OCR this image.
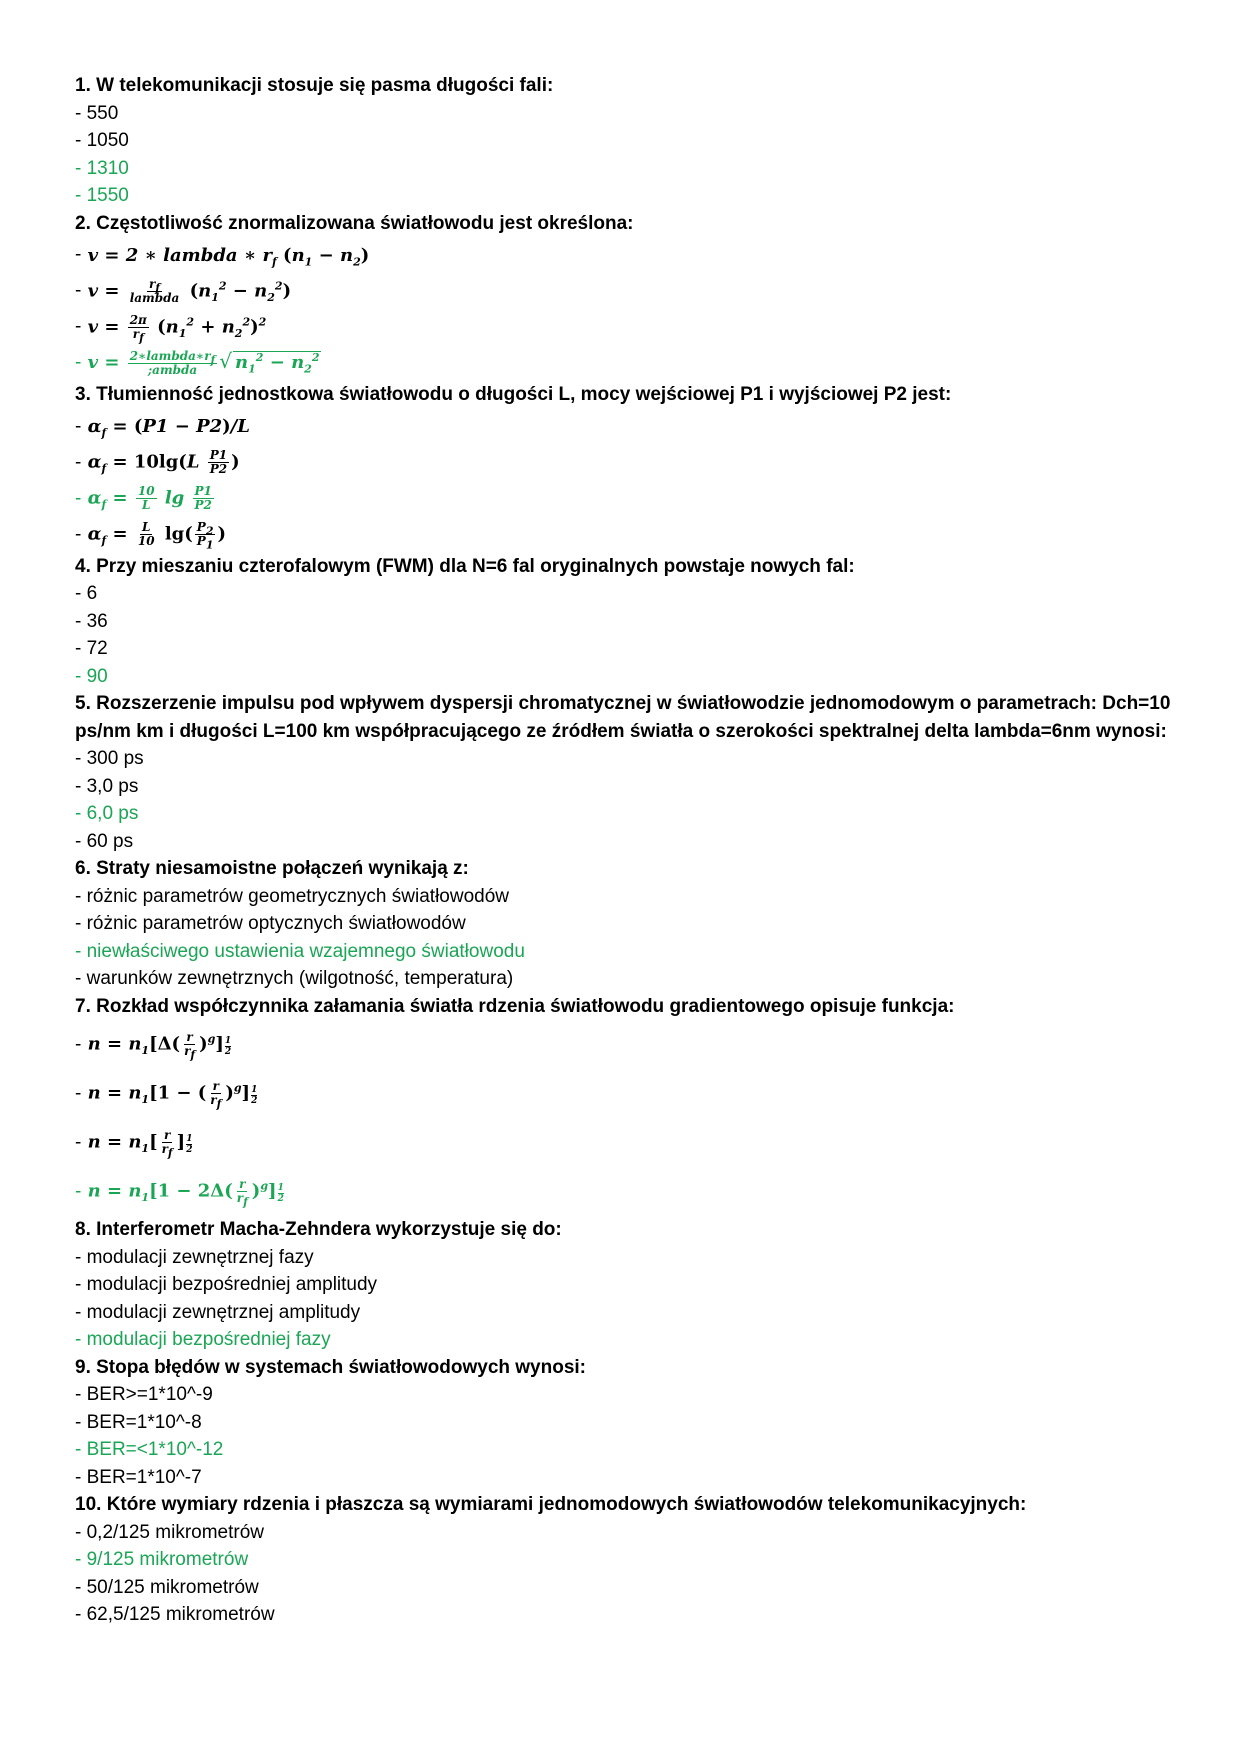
1. W telekomunikacji stosuje się pasma długości fali:

- 550

- 1050

- 1310

- 1550

2. Częstotliwość znormalizowana światłowodu jest określona:

- v = 2 ∗ lambda ∗ $r_f$ $(n_1 - n_2)$
- $v = \frac{r_f}{\text{lambda}} (n_1^2 - n_2^2)$
- $v = \frac{2\pi}{r_f} (n_1^2 + n_2^2)^2$
- $v = \frac{2∗lambda∗r_f}{\text{;ambda}}$ √ $n_1^2 - n_2^2$

3. Tłumienność jednostkowa światłowodu o długości L, mocy wejściowej P1 i wyjściowej P2 jest:

- $\alpha_f = (P1 - P2)/L$
- $\alpha_f = 10\lg(L \frac{P1}{P2}$ )
- $\alpha_f = \frac{10}{L}$ $\lg \frac{P1}{P2}$
- $\alpha_f = \frac{L}{10} \lg( \frac{P_2}{P_1}$ )

4. Przy mieszaniu czterofalowym (FWM) dla N=6 fal oryginalnych powstaje nowych fal:

- 6

- 36

- 72

- 90

5. Rozszerzenie impulsu pod wpływem dyspersji chromatycznej w światłowodzie jednomodowym o parametrach: Dch=10 ps/nm km i długości L=100 km współpracującego ze źródłem światła o szerokości spektralnej delta lambda=6nm wynosi:

- 300 ps

- 3,0 ps

- 6,0 ps

- 60 ps

6. Straty niesamoistne połączeń wynikają z:

- różnic parametrów geometrycznych światłowodów

- różnic parametrów optycznych światłowodów

- niewłaściwego ustawienia wzajemnego światłowodu

- warunków zewnętrznych (wilgotność, temperatura)

7. Rozkład współczynnika załamania światła rdzenia światłowodu gradientowego opisuje funkcja:

- $n = n_1[\Delta( \frac{r}{r_f} )^g] \frac{1}{2}$
- $n = n_1[1$ − ( $\frac{r}{r_f} )^g] \frac{1}{2}$
- $n = n_1[ \frac{r}{r_f}$ ] $\frac{1}{2}$
- $n = n_1[1 - 2\Delta( \frac{r}{r_f} )^g] \frac{1}{2}$

8. Interferometr Macha-Zehndera wykorzystuje się do:

- modulacji zewnętrznej fazy

- modulacji bezpośredniej amplitudy

- modulacji zewnętrznej amplitudy

- modulacji bezpośredniej fazy

9. Stopa błędów w systemach światłowodowych wynosi:

- BER>=1*10^-9

- BER=1*10^-8

- BER=<1*10^-12

- BER=1*10^-7

10. Które wymiary rdzenia i płaszcza są wymiarami jednomodowych światłowodów telekomunikacyjnych:

- 0,2/125 mikrometrów

- 9/125 mikrometrów

- 50/125 mikrometrów

- 62,5/125 mikrometrów
